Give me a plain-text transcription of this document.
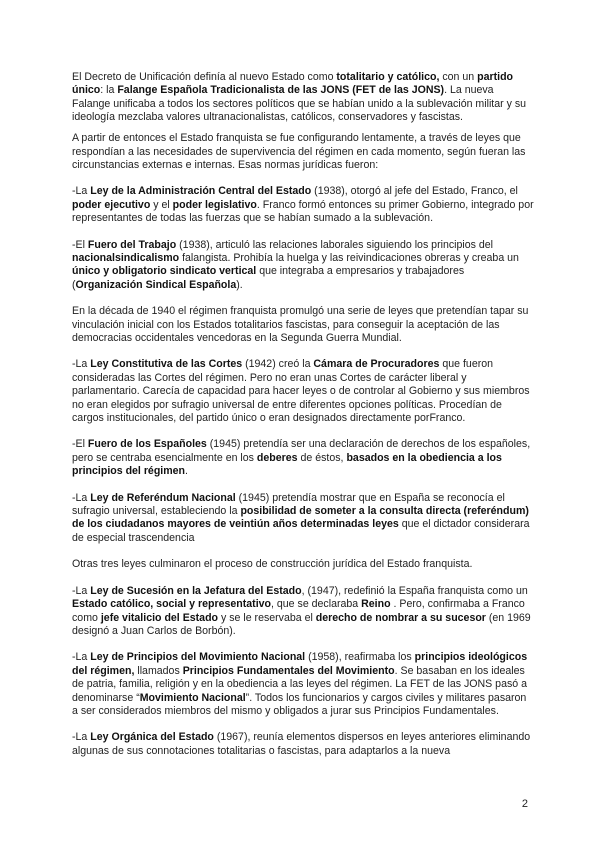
El Decreto de Unificación definía al nuevo Estado como totalitario y católico, con un partido único: la Falange Española Tradicionalista de las JONS (FET de las JONS). La nueva Falange unificaba a todos los sectores políticos que se habían unido a la sublevación militar y su ideología mezclaba valores ultranacionalistas, católicos, conservadores y fascistas.

A partir de entonces el Estado franquista se fue configurando lentamente, a través de leyes que respondían a las necesidades de supervivencia del régimen en cada momento, según fueran las circunstancias externas e internas. Esas normas jurídicas fueron:

-La Ley de la Administración Central del Estado (1938), otorgó al jefe del Estado, Franco, el poder ejecutivo y el poder legislativo. Franco formó entonces su primer Gobierno, integrado por representantes de todas las fuerzas que se habían sumado a la sublevación.

-El Fuero del Trabajo (1938), articuló las relaciones laborales siguiendo los principios del nacionalsindicalismo falangista. Prohibía la huelga y las reivindicaciones obreras y creaba un único y obligatorio sindicato vertical que integraba a empresarios y trabajadores (Organización Sindical Española).

En la década de 1940 el régimen franquista promulgó una serie de leyes que pretendían tapar su vinculación inicial con los Estados totalitarios fascistas, para conseguir la aceptación de las democracias occidentales vencedoras en la Segunda Guerra Mundial.

-La Ley Constitutiva de las Cortes (1942) creó la Cámara de Procuradores que fueron consideradas las Cortes del régimen. Pero no eran unas Cortes de carácter liberal y parlamentario. Carecía de capacidad para hacer leyes o de controlar al Gobierno y sus miembros no eran elegidos por sufragio universal de entre diferentes opciones políticas. Procedían de cargos institucionales, del partido único o eran designados directamente porFranco.

-El Fuero de los Españoles (1945) pretendía ser una declaración de derechos de los españoles, pero se centraba esencialmente en los deberes de éstos, basados en la obediencia a los principios del régimen.

-La Ley de Referéndum Nacional (1945) pretendía mostrar que en España se reconocía el sufragio universal, estableciendo la posibilidad de someter a la consulta directa (referéndum) de los ciudadanos mayores de veintiún años determinadas leyes que el dictador considerara de especial trascendencia

Otras tres leyes culminaron el proceso de construcción jurídica del Estado franquista.

-La Ley de Sucesión en la Jefatura del Estado, (1947), redefinió la España franquista como un Estado católico, social y representativo, que se declaraba Reino . Pero, confirmaba a Franco como jefe vitalicio del Estado y se le reservaba el derecho de nombrar a su sucesor (en 1969 designó a Juan Carlos de Borbón).

-La Ley de Principios del Movimiento Nacional (1958), reafirmaba los principios ideológicos del régimen, llamados Principios Fundamentales del Movimiento. Se basaban en los ideales de patria, familia, religión y en la obediencia a las leyes del régimen. La FET de las JONS pasó a denominarse “Movimiento Nacional”. Todos los funcionarios y cargos civiles y militares pasaron a ser considerados miembros del mismo y obligados a jurar sus Principios Fundamentales.

-La Ley Orgánica del Estado (1967), reunía elementos dispersos en leyes anteriores eliminando algunas de sus connotaciones totalitarias o fascistas, para adaptarlos a la nueva

2
